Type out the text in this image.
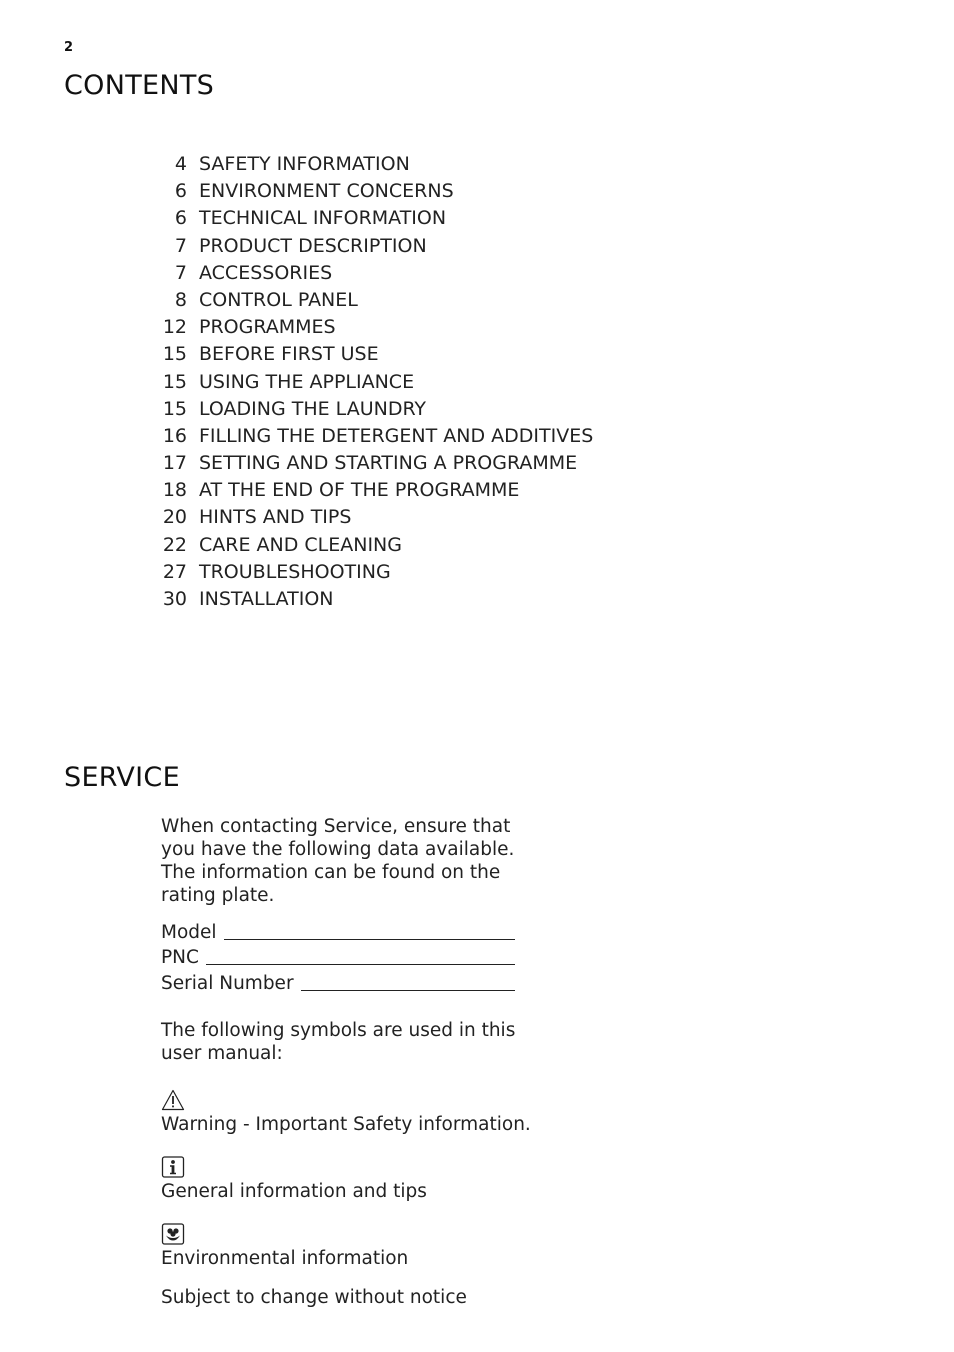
2
CONTENTS
4 SAFETY INFORMATION
6 ENVIRONMENT CONCERNS
6 TECHNICAL INFORMATION
7 PRODUCT DESCRIPTION
7 ACCESSORIES
8 CONTROL PANEL
12 PROGRAMMES
15 BEFORE FIRST USE
15 USING THE APPLIANCE
15 LOADING THE LAUNDRY
16 FILLING THE DETERGENT AND ADDITIVES
17 SETTING AND STARTING A PROGRAMME
18 AT THE END OF THE PROGRAMME
20 HINTS AND TIPS
22 CARE AND CLEANING
27 TROUBLESHOOTING
30 INSTALLATION
SERVICE

When contacting Service, ensure that
you have the following data available.
The information can be found on the
rating plate.

Model
PNC
Serial Number

The following symbols are used in this
user manual:

Warning - Important Safety information.

General information and tips

Environmental information

Subject to change without notice
